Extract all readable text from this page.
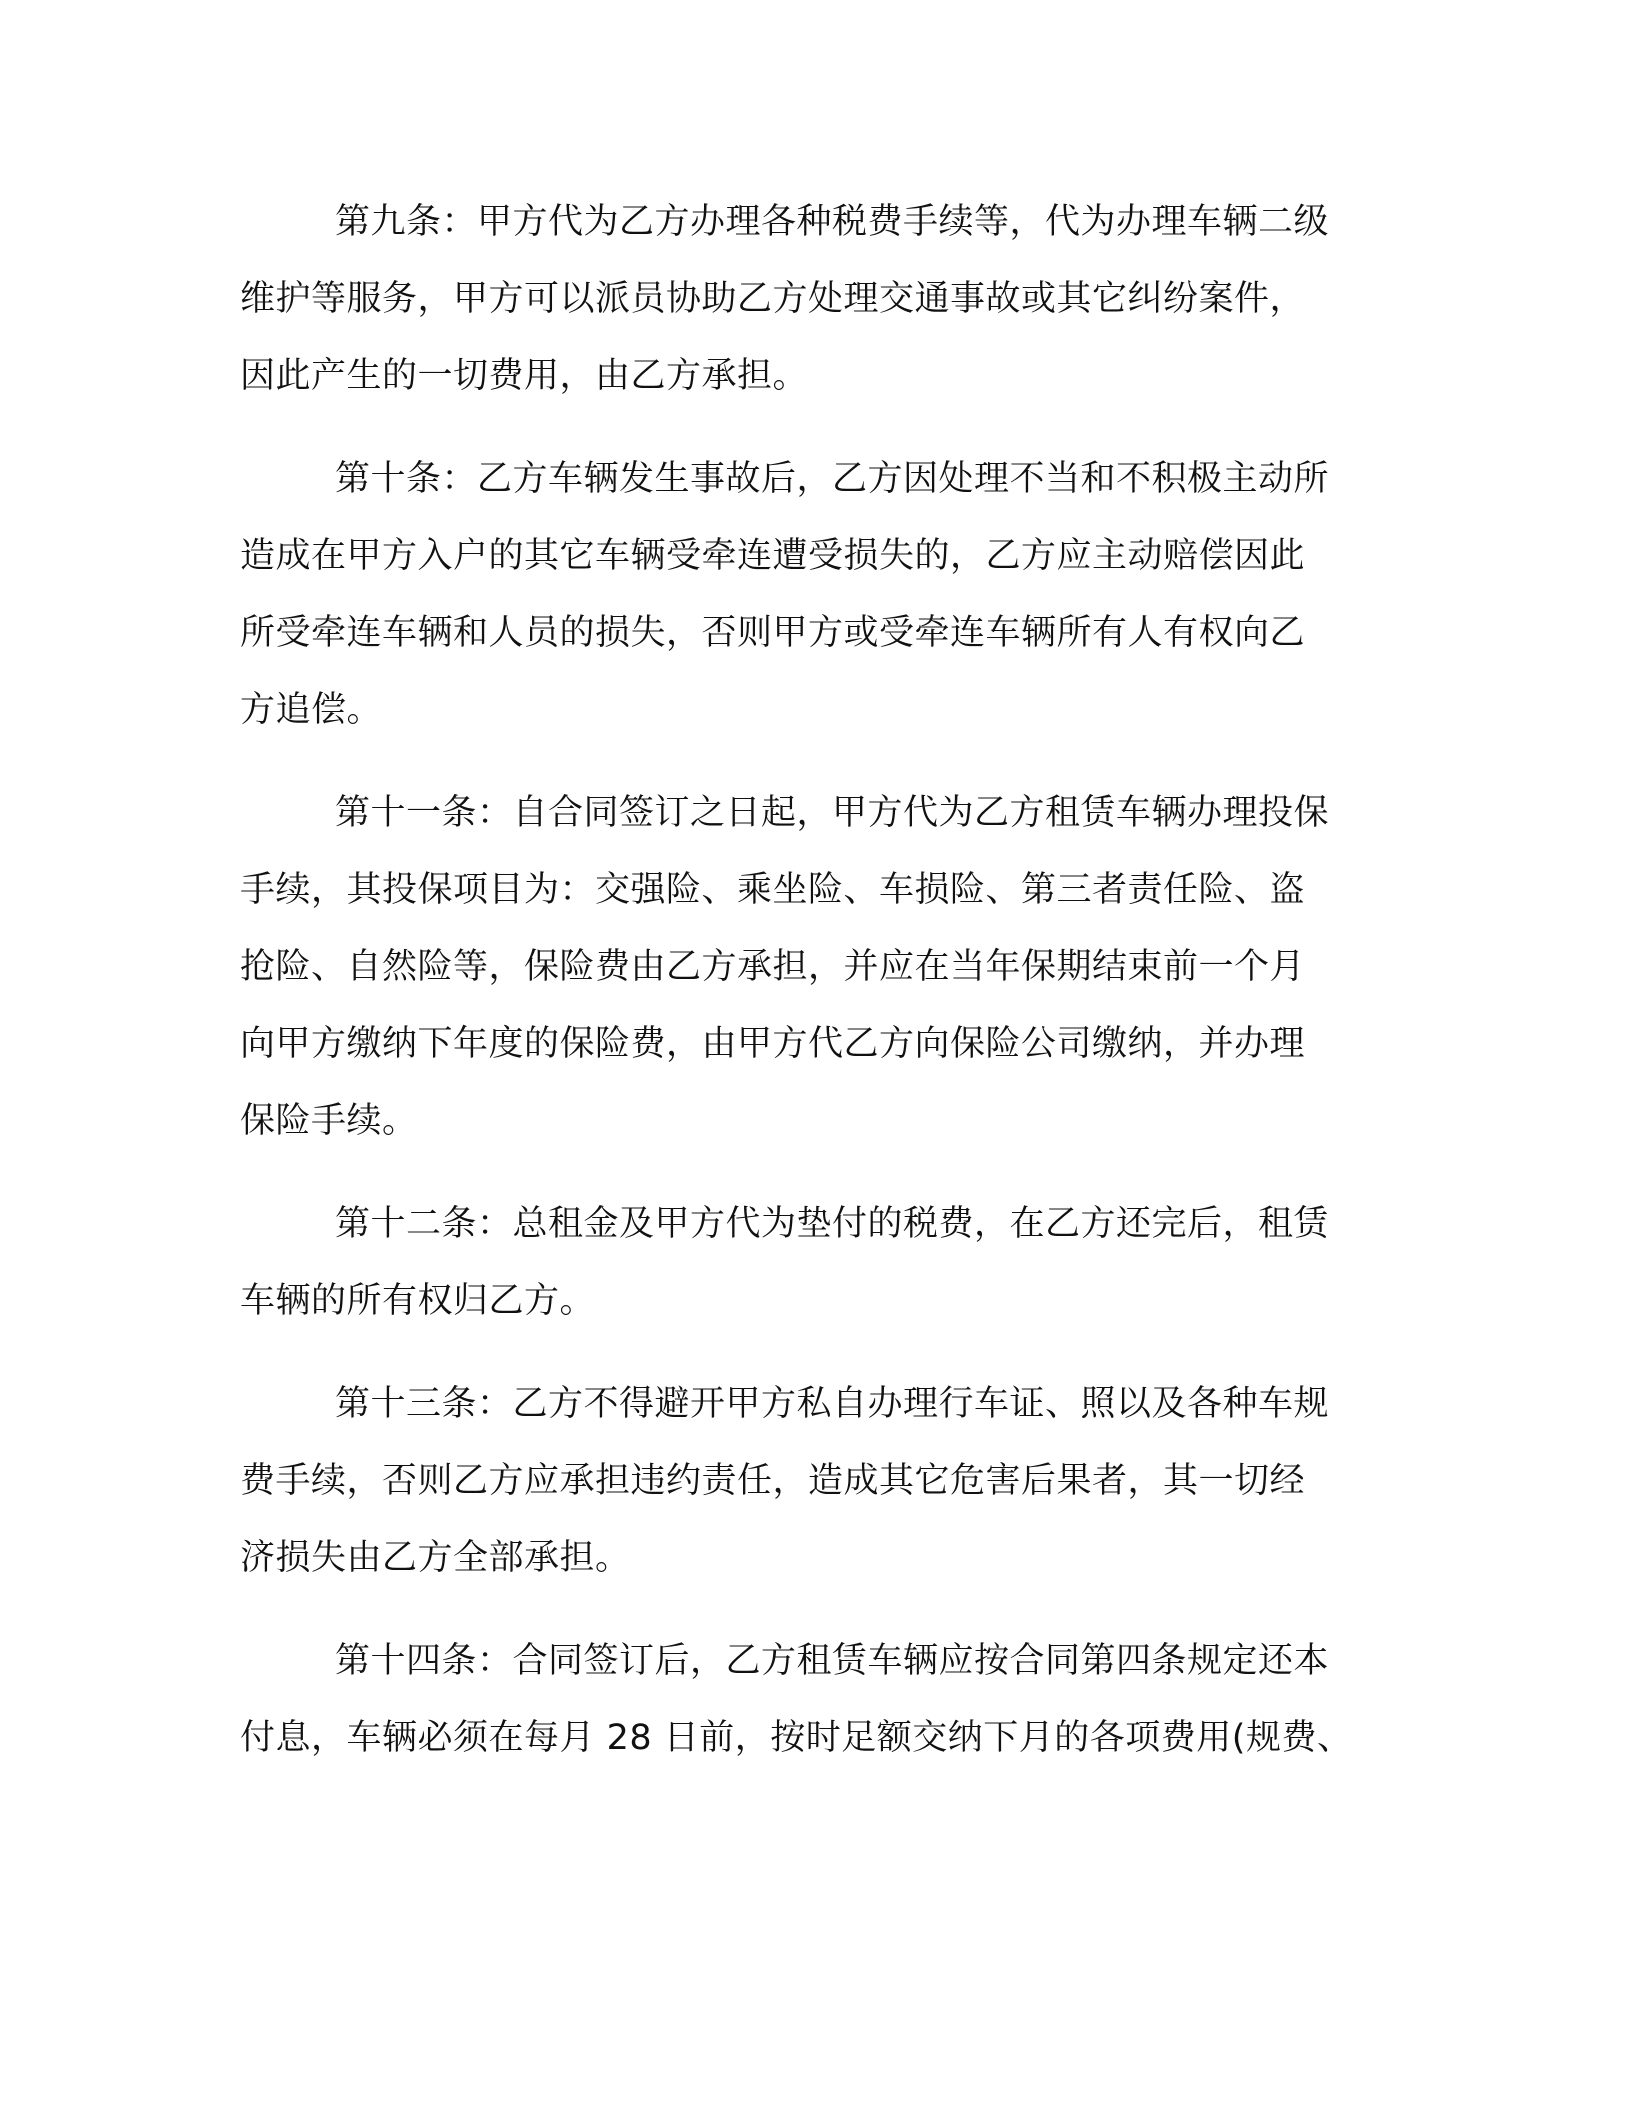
第九条：甲方代为乙方办理各种税费手续等，代为办理车辆二级
维护等服务，甲方可以派员协助乙方处理交通事故或其它纠纷案件，
因此产生的一切费用，由乙方承担。
第十条：乙方车辆发生事故后，乙方因处理不当和不积极主动所
造成在甲方入户的其它车辆受牵连遭受损失的，乙方应主动赔偿因此
所受牵连车辆和人员的损失，否则甲方或受牵连车辆所有人有权向乙
方追偿。
第十一条：自合同签订之日起，甲方代为乙方租赁车辆办理投保
手续，其投保项目为：交强险、乘坐险、车损险、第三者责任险、盗
抢险、自然险等，保险费由乙方承担，并应在当年保期结束前一个月
向甲方缴纳下年度的保险费，由甲方代乙方向保险公司缴纳，并办理
保险手续。
第十二条：总租金及甲方代为垫付的税费，在乙方还完后，租赁
车辆的所有权归乙方。
第十三条：乙方不得避开甲方私自办理行车证、照以及各种车规
费手续，否则乙方应承担违约责任，造成其它危害后果者，其一切经
济损失由乙方全部承担。
第十四条：合同签订后，乙方租赁车辆应按合同第四条规定还本
付息，车辆必须在每月 28 日前，按时足额交纳下月的各项费用(规费、
